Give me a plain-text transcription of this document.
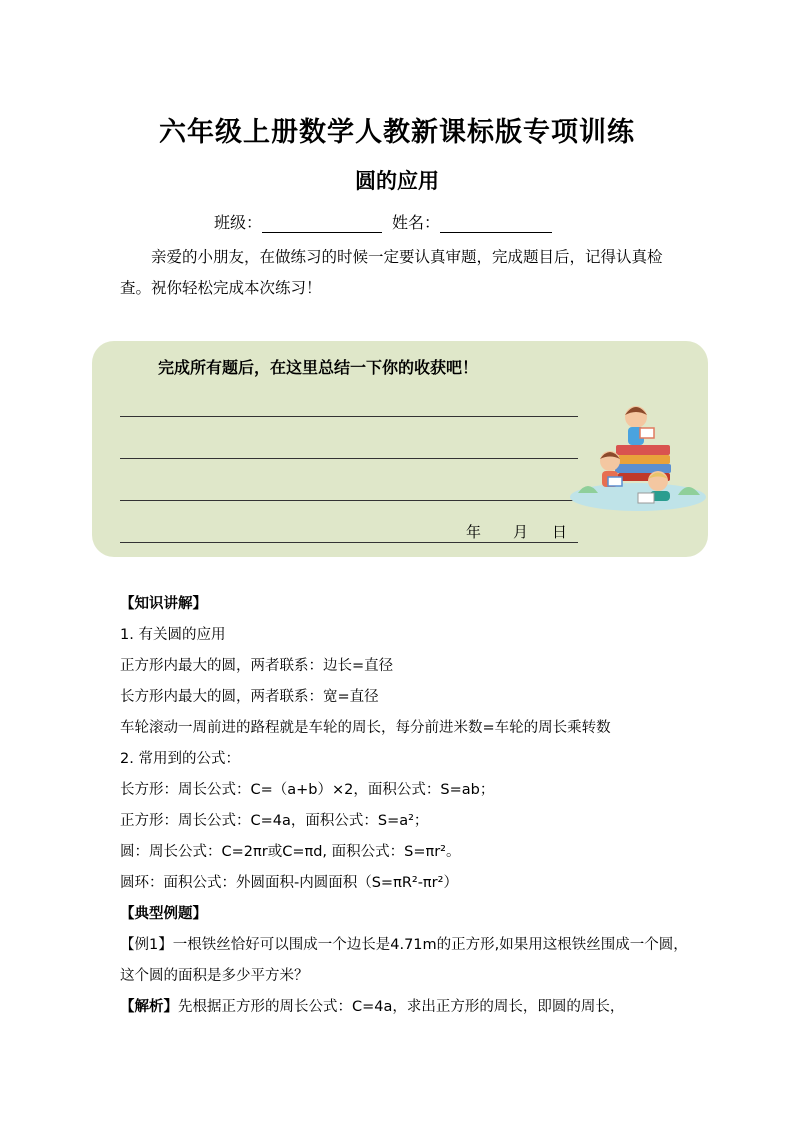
六年级上册数学人教新课标版专项训练
圆的应用
班级：	姓名：
亲爱的小朋友，在做练习的时候一定要认真审题，完成题目后，记得认真检查。祝你轻松完成本次练习！
完成所有题后，在这里总结一下你的收获吧！
年 月 日

【知识讲解】

1. 有关圆的应用

正方形内最大的圆，两者联系：边长=直径

长方形内最大的圆，两者联系：宽=直径

车轮滚动一周前进的路程就是车轮的周长，每分前进米数=车轮的周长乘转数

2. 常用到的公式：

长方形：周长公式：C=（a+b）×2，面积公式：S=ab；

正方形：周长公式：C=4a，面积公式：S=a²；

圆：周长公式：C=2πr或C=πd, 面积公式：S=πr²。

圆环：面积公式：外圆面积-内圆面积（S=πR²-πr²）

【典型例题】

【例1】一根铁丝恰好可以围成一个边长是4.71m的正方形,如果用这根铁丝围成一个圆，这个圆的面积是多少平方米？

【解析】先根据正方形的周长公式：C=4a，求出正方形的周长，即圆的周长，
